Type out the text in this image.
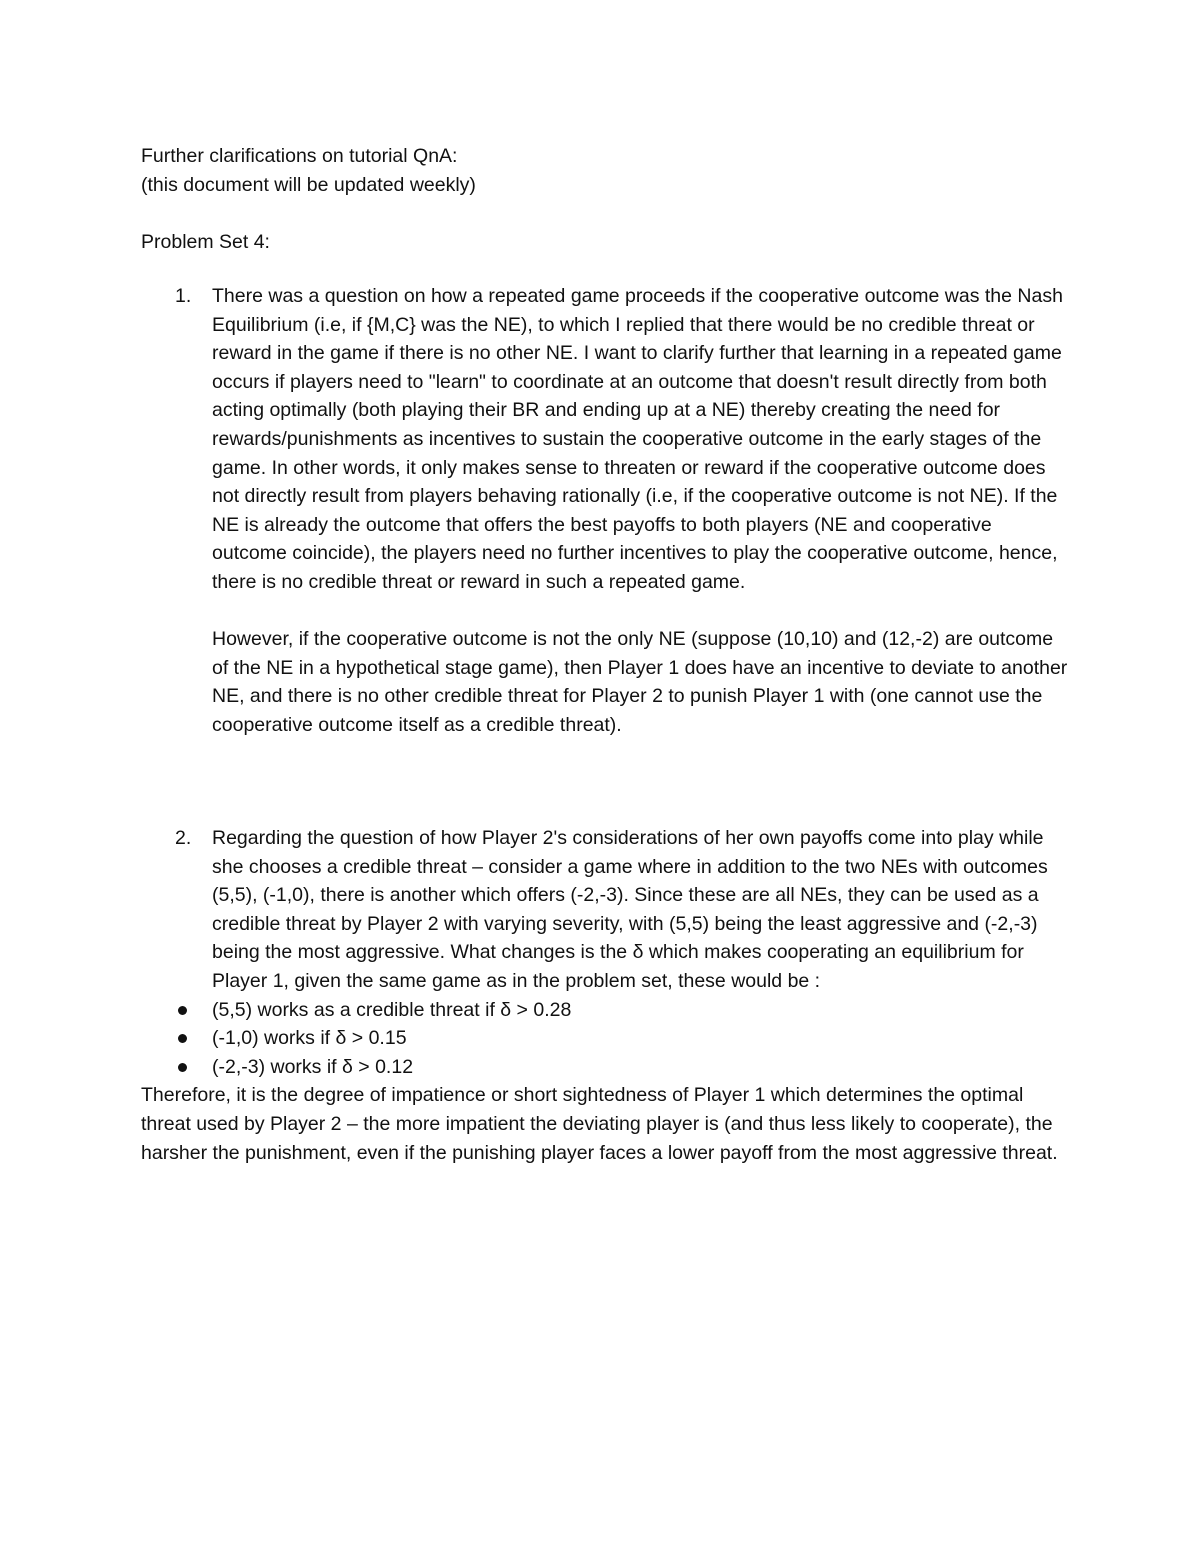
Further clarifications on tutorial QnA:
(this document will be updated weekly)
Problem Set 4:
1.	There was a question on how a repeated game proceeds if the cooperative outcome was the Nash Equilibrium (i.e, if {M,C} was the NE), to which I replied that there would be no credible threat or reward in the game if there is no other NE. I want to clarify further that learning in a repeated game occurs if players need to "learn" to coordinate at an outcome that doesn't result directly from both acting optimally (both playing their BR and ending up at a NE) thereby creating the need for rewards/punishments as incentives to sustain the cooperative outcome in the early stages of the game. In other words, it only makes sense to threaten or reward if the cooperative outcome does not directly result from players behaving rationally (i.e, if the cooperative outcome is not NE). If the NE is already the outcome that offers the best payoffs to both players (NE and cooperative outcome coincide), the players need no further incentives to play the cooperative outcome, hence, there is no credible threat or reward in such a repeated game.

However, if the cooperative outcome is not the only NE (suppose (10,10) and (12,-2) are outcome of the NE in a hypothetical stage game), then Player 1 does have an incentive to deviate to another NE, and there is no other credible threat for Player 2 to punish Player 1 with (one cannot use the cooperative outcome itself as a credible threat).

2.	Regarding the question of how Player 2's considerations of her own payoffs come into play while she chooses a credible threat – consider a game where in addition to the two NEs with outcomes (5,5), (-1,0), there is another which offers (-2,-3). Since these are all NEs, they can be used as a credible threat by Player 2 with varying severity, with (5,5) being the least aggressive and (-2,-3) being the most aggressive. What changes is the δ which makes cooperating an equilibrium for Player 1, given the same game as in the problem set, these would be :

(5,5) works as a credible threat if δ > 0.28
(-1,0) works if δ > 0.15
(-2,-3) works if δ > 0.12

Therefore, it is the degree of impatience or short sightedness of Player 1 which determines the optimal threat used by Player 2 – the more impatient the deviating player is (and thus less likely to cooperate), the harsher the punishment, even if the punishing player faces a lower payoff from the most aggressive threat.
